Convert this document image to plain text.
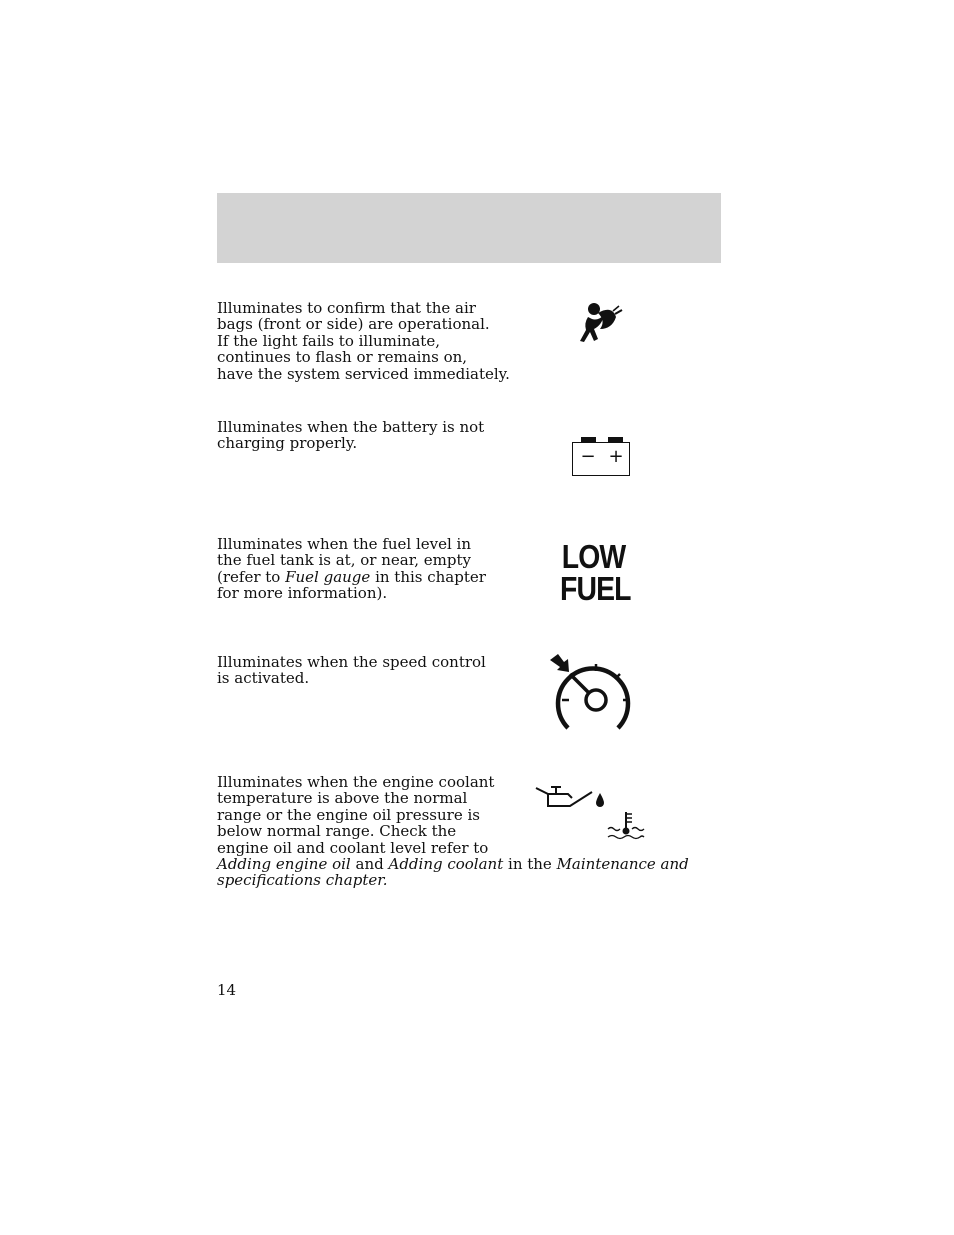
Illuminates to confirm that the air
bags (front or side) are operational.
If the light fails to illuminate,
continues to flash or remains on,
have the system serviced immediately.
Illuminates when the battery is not
charging properly.
− +
Illuminates when the fuel level in
the fuel tank is at, or near, empty
(refer to Fuel gauge in this chapter
for more information).
LOW
FUEL
Illuminates when the speed control
is activated.
Illuminates when the engine coolant
temperature is above the normal
range or the engine oil pressure is
below normal range. Check the
engine oil and coolant level refer to
Adding engine oil and Adding coolant in the Maintenance and
specifications chapter.
14
